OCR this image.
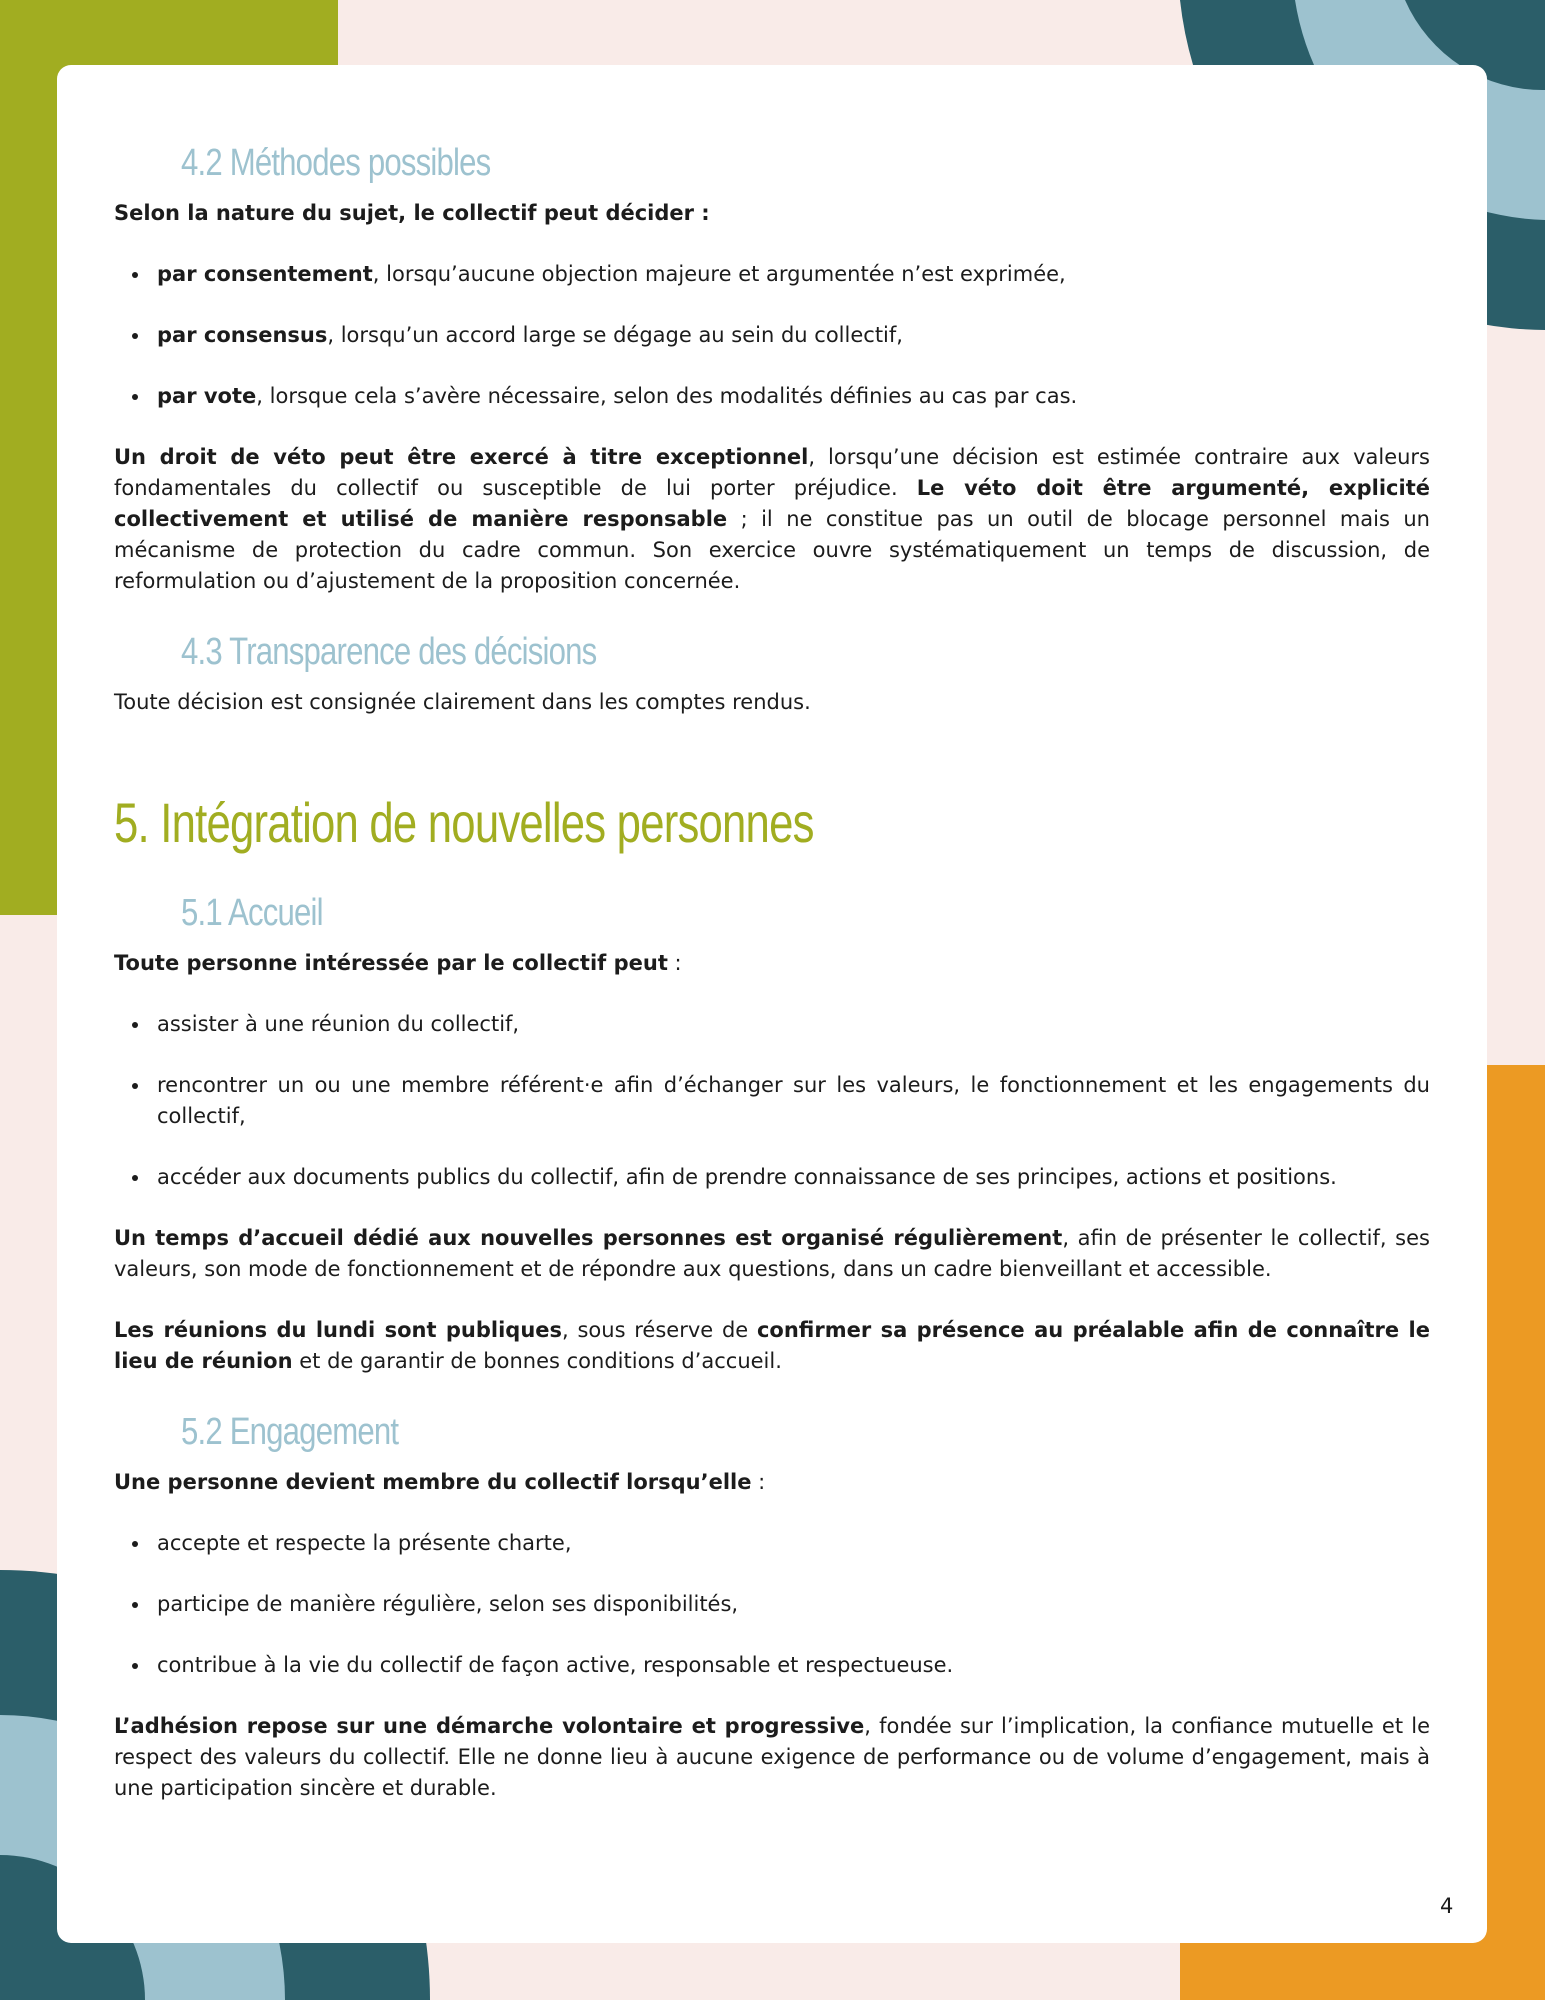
4.2 Méthodes possibles

Selon la nature du sujet, le collectif peut décider :

par consentement, lorsqu’aucune objection majeure et argumentée n’est exprimée,
par consensus, lorsqu’un accord large se dégage au sein du collectif,
par vote, lorsque cela s’avère nécessaire, selon des modalités définies au cas par cas.

Un droit de véto peut être exercé à titre exceptionnel, lorsqu’une décision est estimée contraire aux valeurs fondamentales du collectif ou susceptible de lui porter préjudice. Le véto doit être argumenté, explicité collectivement et utilisé de manière responsable ; il ne constitue pas un outil de blocage personnel mais un mécanisme de protection du cadre commun. Son exercice ouvre systématiquement un temps de discussion, de reformulation ou d’ajustement de la proposition concernée.

4.3 Transparence des décisions

Toute décision est consignée clairement dans les comptes rendus.

5. Intégration de nouvelles personnes
5.1 Accueil

Toute personne intéressée par le collectif peut :

assister à une réunion du collectif,
rencontrer un ou une membre référent·e afin d’échanger sur les valeurs, le fonctionnement et les engagements du collectif,
accéder aux documents publics du collectif, afin de prendre connaissance de ses principes, actions et positions.

Un temps d’accueil dédié aux nouvelles personnes est organisé régulièrement, afin de présenter le collectif, ses valeurs, son mode de fonctionnement et de répondre aux questions, dans un cadre bienveillant et accessible.

Les réunions du lundi sont publiques, sous réserve de confirmer sa présence au préalable afin de connaître le lieu de réunion et de garantir de bonnes conditions d’accueil.

5.2 Engagement

Une personne devient membre du collectif lorsqu’elle :

accepte et respecte la présente charte,
participe de manière régulière, selon ses disponibilités,
contribue à la vie du collectif de façon active, responsable et respectueuse.

L’adhésion repose sur une démarche volontaire et progressive, fondée sur l’implication, la confiance mutuelle et le respect des valeurs du collectif. Elle ne donne lieu à aucune exigence de performance ou de volume d’engagement, mais à une participation sincère et durable.

4
